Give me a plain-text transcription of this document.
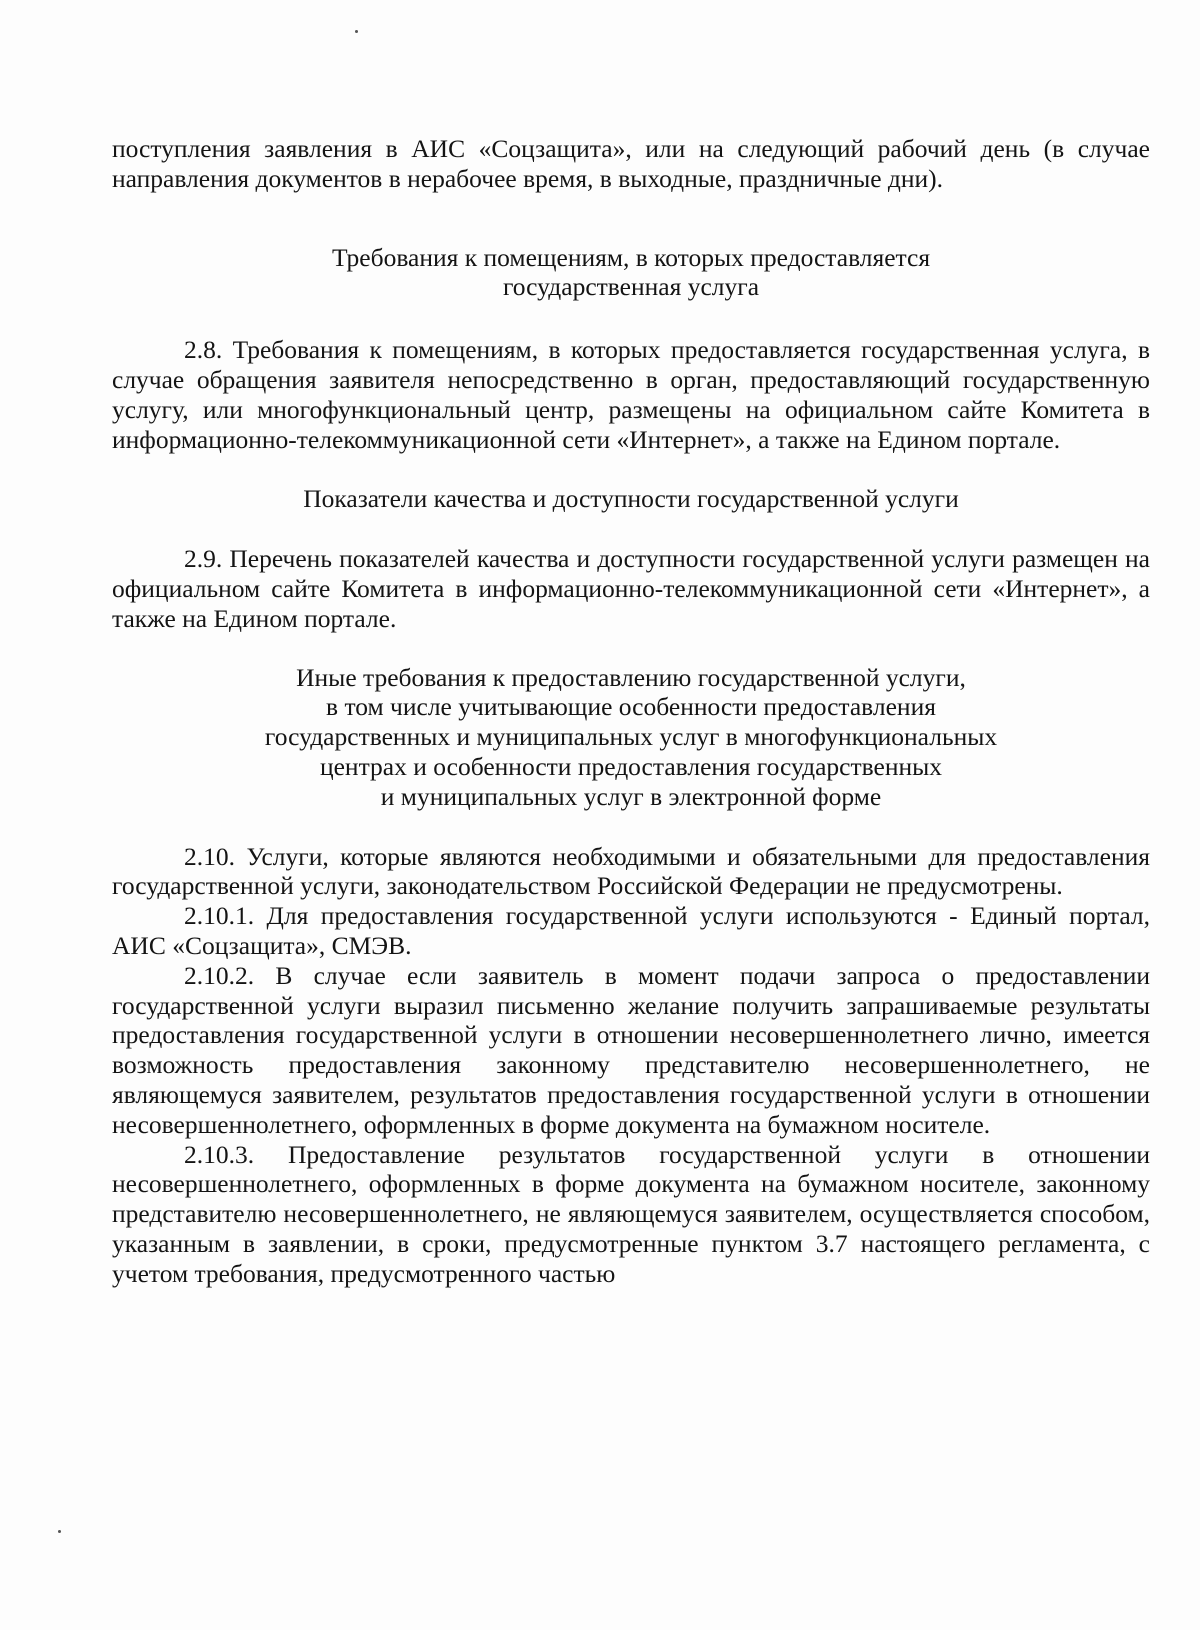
поступления заявления в АИС «Соцзащита», или на следующий рабочий день (в случае направления документов в нерабочее время, в выходные, праздничные дни).

Требования к помещениям, в которых предоставляется
государственная услуга

2.8. Требования к помещениям, в которых предоставляется государственная услуга, в случае обращения заявителя непосредственно в орган, предоставляющий государственную услугу, или многофункциональный центр, размещены на официальном сайте Комитета в информационно-телекоммуникационной сети «Интернет», а также на Едином портале.

Показатели качества и доступности государственной услуги

2.9. Перечень показателей качества и доступности государственной услуги размещен на официальном сайте Комитета в информационно-телекоммуникационной сети «Интернет», а также на Едином портале.

Иные требования к предоставлению государственной услуги,
в том числе учитывающие особенности предоставления
государственных и муниципальных услуг в многофункциональных
центрах и особенности предоставления государственных
и муниципальных услуг в электронной форме

2.10. Услуги, которые являются необходимыми и обязательными для предоставления государственной услуги, законодательством Российской Федерации не предусмотрены.

2.10.1. Для предоставления государственной услуги используются - Единый портал, АИС «Соцзащита», СМЭВ.

2.10.2. В случае если заявитель в момент подачи запроса о предоставлении государственной услуги выразил письменно желание получить запрашиваемые результаты предоставления государственной услуги в отношении несовершеннолетнего лично, имеется возможность предоставления законному представителю несовершеннолетнего, не являющемуся заявителем, результатов предоставления государственной услуги в отношении несовершеннолетнего, оформленных в форме документа на бумажном носителе.

2.10.3. Предоставление результатов государственной услуги в отношении несовершеннолетнего, оформленных в форме документа на бумажном носителе, законному представителю несовершеннолетнего, не являющемуся заявителем, осуществляется способом, указанным в заявлении, в сроки, предусмотренные пунктом 3.7 настоящего регламента, с учетом требования, предусмотренного частью
